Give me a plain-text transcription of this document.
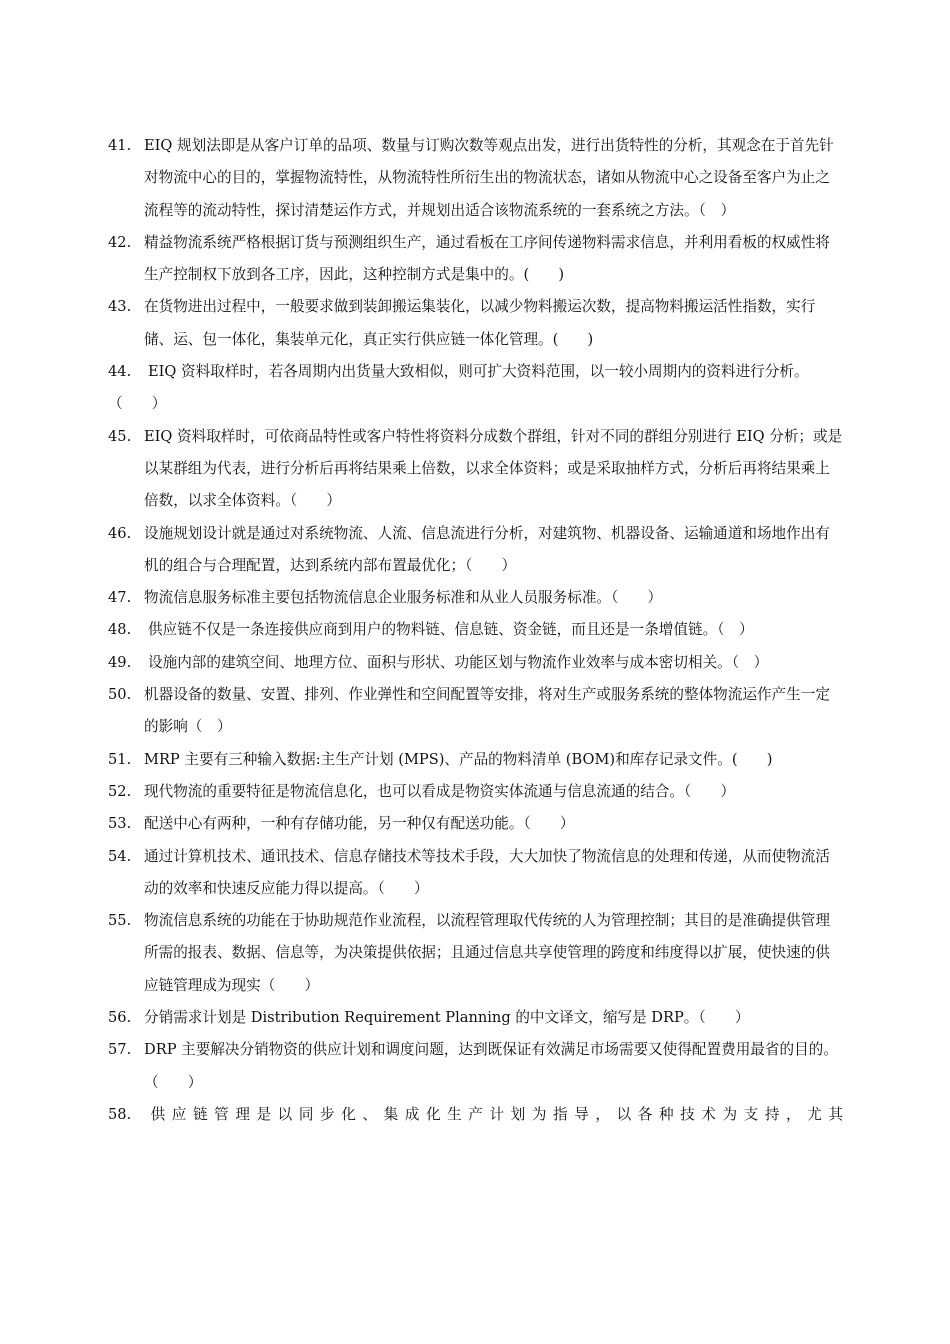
41. EIQ 规划法即是从客户订单的品项、数量与订购次数等观点出发，进行出货特性的分析，其观念在于首先针对物流中心的目的，掌握物流特性，从物流特性所衍生出的物流状态，诸如从物流中心之设备至客户为止之流程等的流动特性，探讨清楚运作方式，并规划出适合该物流系统的一套系统之方法。（　）
42. 精益物流系统严格根据订货与预测组织生产，通过看板在工序间传递物料需求信息，并利用看板的权威性将生产控制权下放到各工序，因此，这种控制方式是集中的。(　　)
43. 在货物进出过程中，一般要求做到装卸搬运集装化，以减少物料搬运次数，提高物料搬运活性指数，实行储、运、包一体化，集装单元化，真正实行供应链一体化管理。(　　)
44. EIQ 资料取样时，若各周期内出货量大致相似，则可扩大资料范围，以一较小周期内的资料进行分析。（　　）
45. EIQ 资料取样时，可依商品特性或客户特性将资料分成数个群组，针对不同的群组分别进行 EIQ 分析；或是以某群组为代表，进行分析后再将结果乘上倍数，以求全体资料；或是采取抽样方式，分析后再将结果乘上倍数，以求全体资料。（　　）
46. 设施规划设计就是通过对系统物流、人流、信息流进行分析，对建筑物、机器设备、运输通道和场地作出有机的组合与合理配置，达到系统内部布置最优化；（　　）
47. 物流信息服务标准主要包括物流信息企业服务标准和从业人员服务标准。（　　）
48. 供应链不仅是一条连接供应商到用户的物料链、信息链、资金链，而且还是一条增值链。（　）
49. 设施内部的建筑空间、地理方位、面积与形状、功能区划与物流作业效率与成本密切相关。（　）
50. 机器设备的数量、安置、排列、作业弹性和空间配置等安排，将对生产或服务系统的整体物流运作产生一定的影响（　）
51. MRP 主要有三种输入数据:主生产计划 (MPS)、产品的物料清单 (BOM)和库存记录文件。(　　)
52. 现代物流的重要特征是物流信息化，也可以看成是物资实体流通与信息流通的结合。（　　）
53. 配送中心有两种，一种有存储功能，另一种仅有配送功能。（　　）
54. 通过计算机技术、通讯技术、信息存储技术等技术手段，大大加快了物流信息的处理和传递，从而使物流活动的效率和快速反应能力得以提高。（　　）
55. 物流信息系统的功能在于协助规范作业流程，以流程管理取代传统的人为管理控制；其目的是准确提供管理所需的报表、数据、信息等，为决策提供依据；且通过信息共享使管理的跨度和纬度得以扩展，使快速的供应链管理成为现实（　　）
56. 分销需求计划是 Distribution Requirement Planning 的中文译文，缩写是 DRP。（　　）
57. DRP 主要解决分销物资的供应计划和调度问题，达到既保证有效满足市场需要又使得配置费用最省的目的。（　　）
58. 供应链管理是以同步化、集成化生产计划为指导，以各种技术为支持，尤其
